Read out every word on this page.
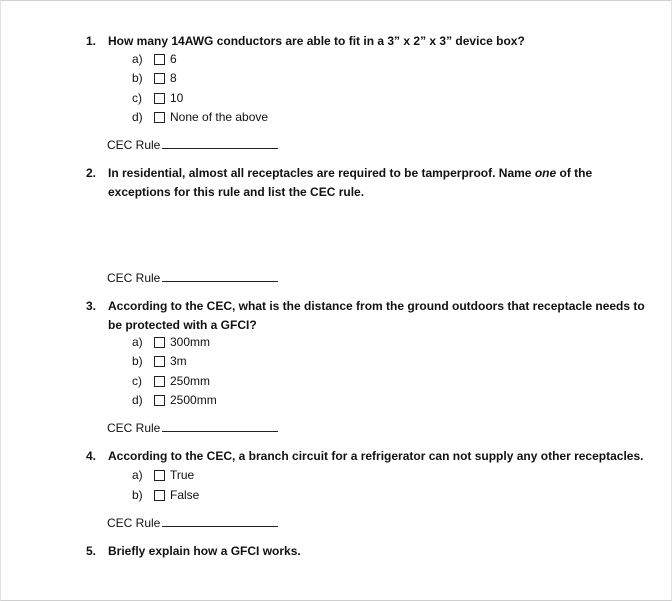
1. How many 14AWG conductors are able to fit in a 3” x 2” x 3” device box?
a) 6
b) 8
c) 10
d) None of the above
CEC Rule
2. In residential, almost all receptacles are required to be tamperproof. Name one of the exceptions for this rule and list the CEC rule.
CEC Rule
3. According to the CEC, what is the distance from the ground outdoors that receptacle needs to be protected with a GFCI?
a) 300mm
b) 3m
c) 250mm
d) 2500mm
CEC Rule
4. According to the CEC, a branch circuit for a refrigerator can not supply any other receptacles.
a) True
b) False
CEC Rule
5. Briefly explain how a GFCI works.
